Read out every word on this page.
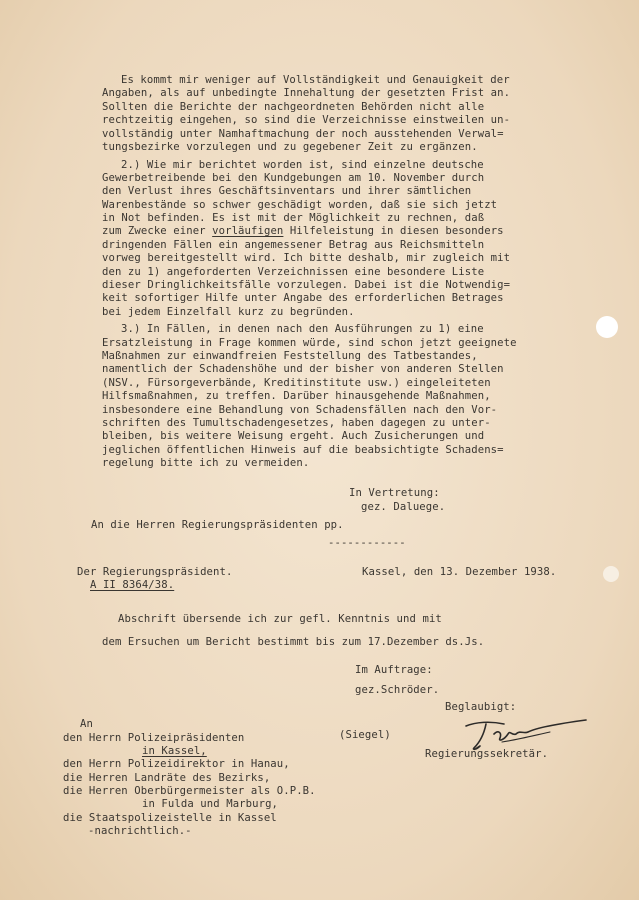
Es kommt mir weniger auf Vollständigkeit und Genauigkeit der
Angaben, als auf unbedingte Innehaltung der gesetzten Frist an.
Sollten die Berichte der nachgeordneten Behörden nicht alle
rechtzeitig eingehen, so sind die Verzeichnisse einstweilen un-
vollständig unter Namhaftmachung der noch ausstehenden Verwal=
tungsbezirke vorzulegen und zu gegebener Zeit zu ergänzen.
2.) Wie mir berichtet worden ist, sind einzelne deutsche
Gewerbetreibende bei den Kundgebungen am 10. November durch
den Verlust ihres Geschäftsinventars und ihrer sämtlichen
Warenbestände so schwer geschädigt worden, daß sie sich jetzt
in Not befinden. Es ist mit der Möglichkeit zu rechnen, daß
zum Zwecke einer vorläufigen Hilfeleistung in diesen besonders
dringenden Fällen ein angemessener Betrag aus Reichsmitteln
vorweg bereitgestellt wird. Ich bitte deshalb, mir zugleich mit
den zu 1) angeforderten Verzeichnissen eine besondere Liste
dieser Dringlichkeitsfälle vorzulegen. Dabei ist die Notwendig=
keit sofortiger Hilfe unter Angabe des erforderlichen Betrages
bei jedem Einzelfall kurz zu begründen.
3.) In Fällen, in denen nach den Ausführungen zu 1) eine
Ersatzleistung in Frage kommen würde, sind schon jetzt geeignete
Maßnahmen zur einwandfreien Feststellung des Tatbestandes,
namentlich der Schadenshöhe und der bisher von anderen Stellen
(NSV., Fürsorgeverbände, Kreditinstitute usw.) eingeleiteten
Hilfsmaßnahmen, zu treffen. Darüber hinausgehende Maßnahmen,
insbesondere eine Behandlung von Schadensfällen nach den Vor-
schriften des Tumultschadengesetzes, haben dagegen zu unter-
bleiben, bis weitere Weisung ergeht. Auch Zusicherungen und
jeglichen öffentlichen Hinweis auf die beabsichtigte Schadens=
regelung bitte ich zu vermeiden.
In Vertretung:
gez. Daluege.
An die Herren Regierungspräsidenten pp.
------------
Der Regierungspräsident.
A II 8364/38.
Kassel, den 13. Dezember 1938.
Abschrift übersende ich zur gefl. Kenntnis und mit
dem Ersuchen um Bericht bestimmt bis zum 17.Dezember ds.Js.
Im Auftrage:
gez.Schröder.
Beglaubigt:
(Siegel)
Regierungssekretär.
An
den Herrn Polizeipräsidenten
in Kassel,
den Herrn Polizeidirektor in Hanau,
die Herren Landräte des Bezirks,
die Herren Oberbürgermeister als O.P.B.
in Fulda und Marburg,
die Staatspolizeistelle in Kassel
-nachrichtlich.-
